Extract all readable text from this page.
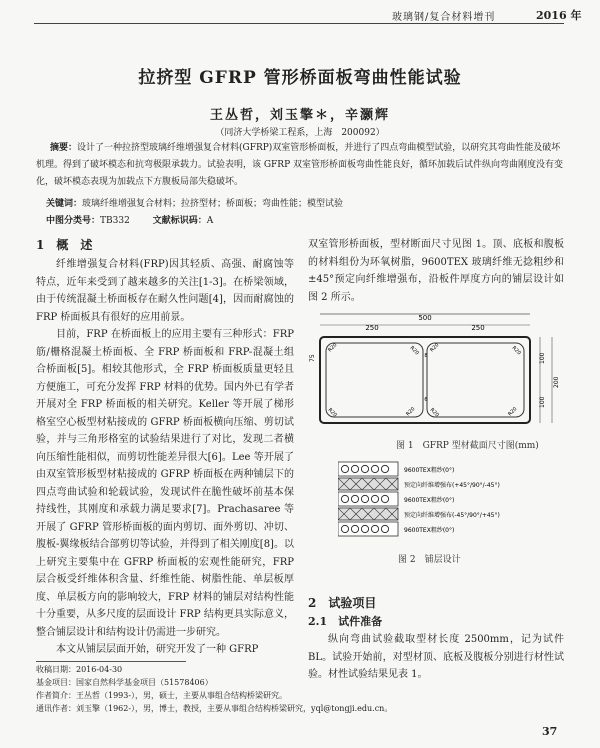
玻璃钢/复合材料增刊	2016 年
拉挤型 GFRP 管形桥面板弯曲性能试验
王丛哲，刘玉擎＊，辛灏辉
（同济大学桥梁工程系，上海　200092）
摘要：设计了一种拉挤型玻璃纤维增强复合材料(GFRP)双室管形桥面板，并进行了四点弯曲模型试验，以研究其弯曲性能及破坏机理。得到了破坏模态和抗弯极限承载力。试验表明，该 GFRP 双室管形桥面板弯曲性能良好，循环加载后试件纵向弯曲刚度没有变化，破坏模态表现为加载点下方腹板局部失稳破坏。
关键词：玻璃纤维增强复合材料；拉挤型材；桥面板；弯曲性能；模型试验
中图分类号：TB332	文献标识码：A
1　概　述

纤维增强复合材料(FRP)因其轻质、高强、耐腐蚀等特点，近年来受到了越来越多的关注[1-3]。在桥梁领域，由于传统混凝土桥面板存在耐久性问题[4]，因而耐腐蚀的 FRP 桥面板具有很好的应用前景。

目前，FRP 在桥面板上的应用主要有三种形式：FRP 筋/栅格混凝土桥面板、全 FRP 桥面板和 FRP-混凝土组合桥面板[5]。相较其他形式，全 FRP 桥面板质量更轻且方便施工，可充分发挥 FRP 材料的优势。国内外已有学者开展对全 FRP 桥面板的相关研究。Keller 等开展了梯形格室空心板型材粘接成的 GFRP 桥面板横向压缩、剪切试验，并与三角形格室的试验结果进行了对比，发现二者横向压缩性能相似，而剪切性能差异很大[6]。Lee 等开展了由双室管形板型材粘接成的 GFRP 桥面板在两种铺层下的四点弯曲试验和轮载试验，发现试件在脆性破坏前基本保持线性，其刚度和承载力满足要求[7]。Prachasaree 等开展了 GFRP 管形桥面板的面内剪切、面外剪切、冲切、腹板-翼缘板结合部剪切等试验，并得到了相关刚度[8]。以上研究主要集中在 GFRP 桥面板的宏观性能研究，FRP 层合板受纤维体积含量、纤维性能、树脂性能、单层板厚度、单层板方向的影响较大，FRP 材料的铺层对结构性能十分重要，从多尺度的层面设计 FRP 结构更具实际意义，整合铺层设计和结构设计仍需进一步研究。

本文从铺层层面开始，研究开发了一种 GFRP

双室管形桥面板，型材断面尺寸见图 1。顶、底板和腹板的材料组份为环氧树脂，9600TEX 玻璃纤维无捻粗纱和±45°预定向纤维增强布，沿板件厚度方向的铺层设计如图 2 所示。

500
250	250
75	100
100
200
R20	R20 R20	R20
R20	R20 R20	R20
8
6
图 1　GFRP 型材截面尺寸图(mm)
9600TEX粗纱(0°)
预定向纤维增强布(+45°/90°/-45°)
9600TEX粗纱(0°)
预定向纤维增强布(-45°/90°/+45°)
9600TEX粗纱(0°)
图 2　铺层设计
2　试验项目
2.1　试件准备

纵向弯曲试验截取型材长度 2500mm，记为试件 BL。试验开始前，对型材顶、底板及腹板分别进行材性试验。材性试验结果见表 1。

收稿日期：2016-04-30
基金项目：国家自然科学基金项目（51578406）
作者简介：王丛哲（1993-），男，硕士，主要从事组合结构桥梁研究。
通讯作者：刘玉擎（1962-），男，博士，教授，主要从事组合结构桥梁研究，yql@tongji.edu.cn。
37
